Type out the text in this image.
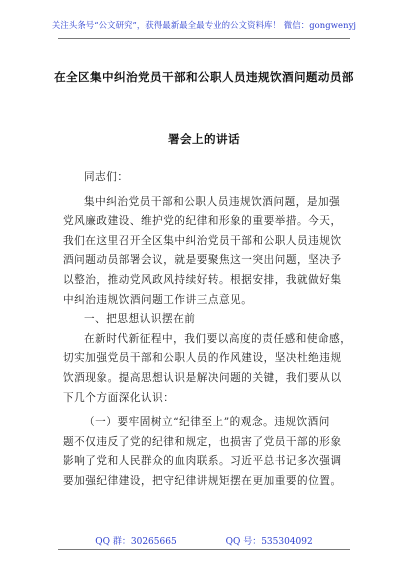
关注头条号“公文研究”，获得最新最全最专业的公文资料库！ 微信：gongwenyj
在全区集中纠治党员干部和公职人员违规饮酒问题动员部
署会上的讲话
同志们：
集中纠治党员干部和公职人员违规饮酒问题，是加强
党风廉政建设、维护党的纪律和形象的重要举措。今天，
我们在这里召开全区集中纠治党员干部和公职人员违规饮
酒问题动员部署会议，就是要聚焦这一突出问题，坚决予
以整治，推动党风政风持续好转。根据安排，我就做好集
中纠治违规饮酒问题工作讲三点意见。
一、把思想认识摆在前
在新时代新征程中，我们要以高度的责任感和使命感，
切实加强党员干部和公职人员的作风建设，坚决杜绝违规
饮酒现象。提高思想认识是解决问题的关键，我们要从以
下几个方面深化认识：
（一）要牢固树立“纪律至上”的观念。违规饮酒问
题不仅违反了党的纪律和规定，也损害了党员干部的形象
影响了党和人民群众的血肉联系。习近平总书记多次强调
要加强纪律建设，把守纪律讲规矩摆在更加重要的位置。
QQ 群：30265665	QQ 号：535304092
